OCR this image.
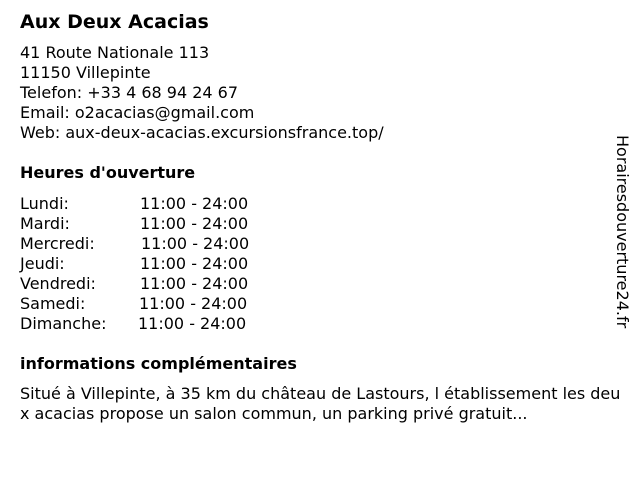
Aux Deux Acacias
41 Route Nationale 113
11150 Villepinte
Telefon: +33 4 68 94 24 67
Email: o2acacias@gmail.com
Web: aux-deux-acacias.excursionsfrance.top/
Heures d'ouverture
Lundi:	11:00 - 24:00
Mardi:	11:00 - 24:00
Mercredi:	11:00 - 24:00
Jeudi:	11:00 - 24:00
Vendredi:	11:00 - 24:00
Samedi:	11:00 - 24:00
Dimanche: 11:00 - 24:00
informations complémentaires
Situé à Villepinte, à 35 km du château de Lastours, l établissement les deux acacias propose un salon commun, un parking privé gratuit...
Horairesdouverture24.fr
